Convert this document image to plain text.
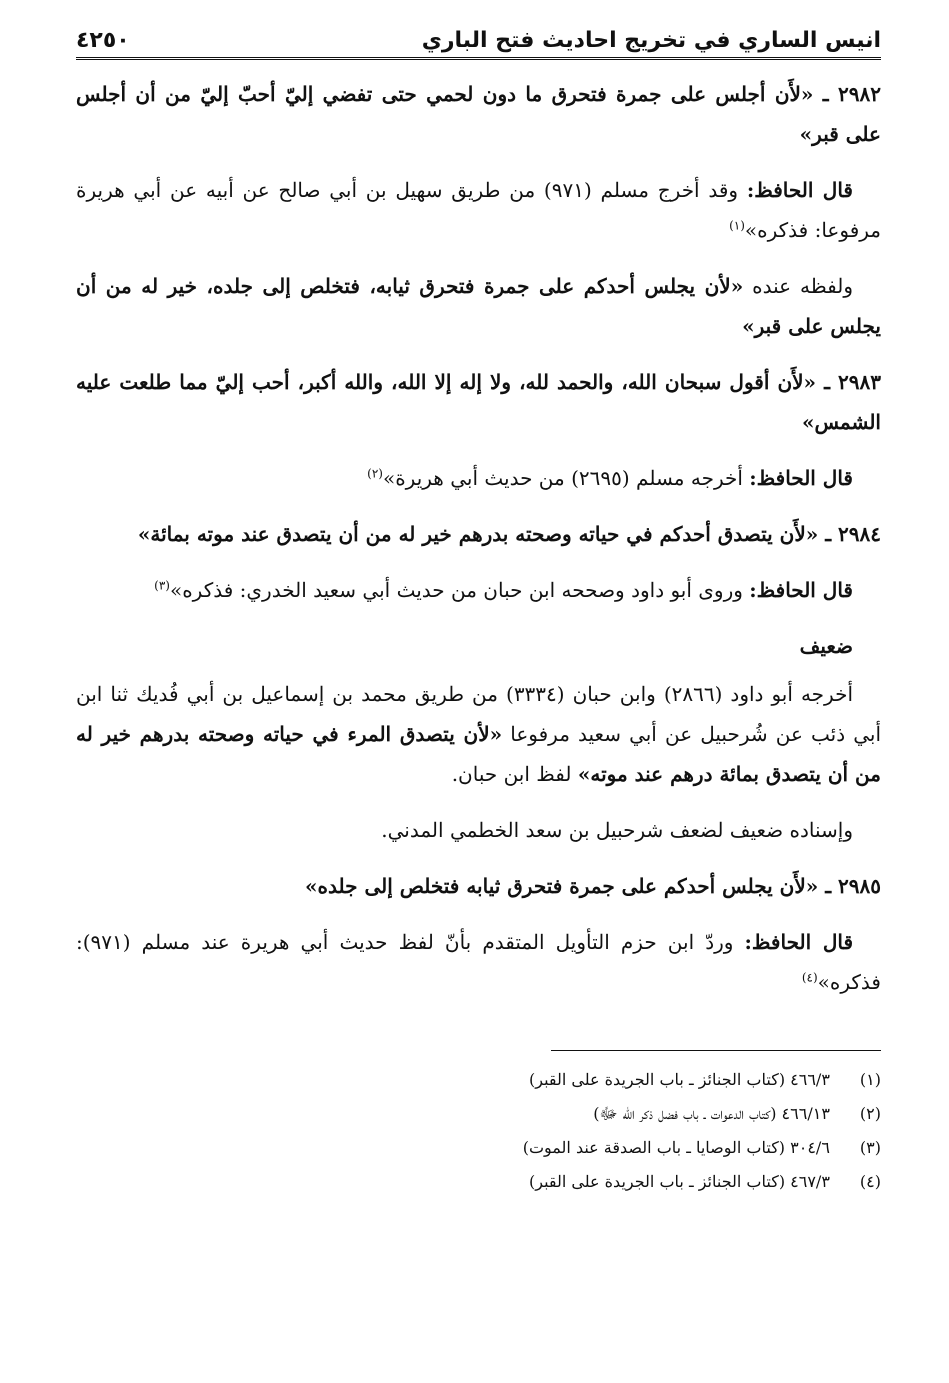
انيس الساري في تخريج احاديث فتح الباري
٤٢٥٠

٢٩٨٢ ـ «لأَن أجلس على جمرة فتحرق ما دون لحمي حتى تفضي إليّ أحبّ إليّ من أن أجلس على قبر»

قال الحافظ: وقد أخرج مسلم (٩٧١) من طريق سهيل بن أبي صالح عن أبيه عن أبي هريرة مرفوعا: فذكره»$^{(١)}$

ولفظه عنده «لأن يجلس أحدكم على جمرة فتحرق ثيابه، فتخلص إلى جلده، خير له من أن يجلس على قبر»

٢٩٨٣ ـ «لأَن أقول سبحان الله، والحمد لله، ولا إله إلا الله، والله أكبر، أحب إليّ مما طلعت عليه الشمس»

قال الحافظ: أخرجه مسلم (٢٦٩٥) من حديث أبي هريرة»$^{(٢)}$

٢٩٨٤ ـ «لأَن يتصدق أحدكم في حياته وصحته بدرهم خير له من أن يتصدق عند موته بمائة»

قال الحافظ: وروى أبو داود وصححه ابن حبان من حديث أبي سعيد الخدري: فذكره»$^{(٣)}$

ضعيف

أخرجه أبو داود (٢٨٦٦) وابن حبان (٣٣٣٤) من طريق محمد بن إسماعيل بن أبي فُديك ثنا ابن أبي ذئب عن شُرحبيل عن أبي سعيد مرفوعا «لأن يتصدق المرء في حياته وصحته بدرهم خير له من أن يتصدق بمائة درهم عند موته» لفظ ابن حبان.

وإسناده ضعيف لضعف شرحبيل بن سعد الخطمي المدني.

٢٩٨٥ ـ «لأَن يجلس أحدكم على جمرة فتحرق ثيابه فتخلص إلى جلده»

قال الحافظ: وردّ ابن حزم التأويل المتقدم بأنّ لفظ حديث أبي هريرة عند مسلم (٩٧١): فذكره»$^{(٤)}$

(١) ٤٦٦/٣ (كتاب الجنائز ـ باب الجريدة على القبر)
(٢) ٤٦٦/١٣ (كتاب الدعوات ـ باب فضل ذكر الله ﷻ)
(٣) ٣٠٤/٦ (كتاب الوصايا ـ باب الصدقة عند الموت)
(٤) ٤٦٧/٣ (كتاب الجنائز ـ باب الجريدة على القبر)
